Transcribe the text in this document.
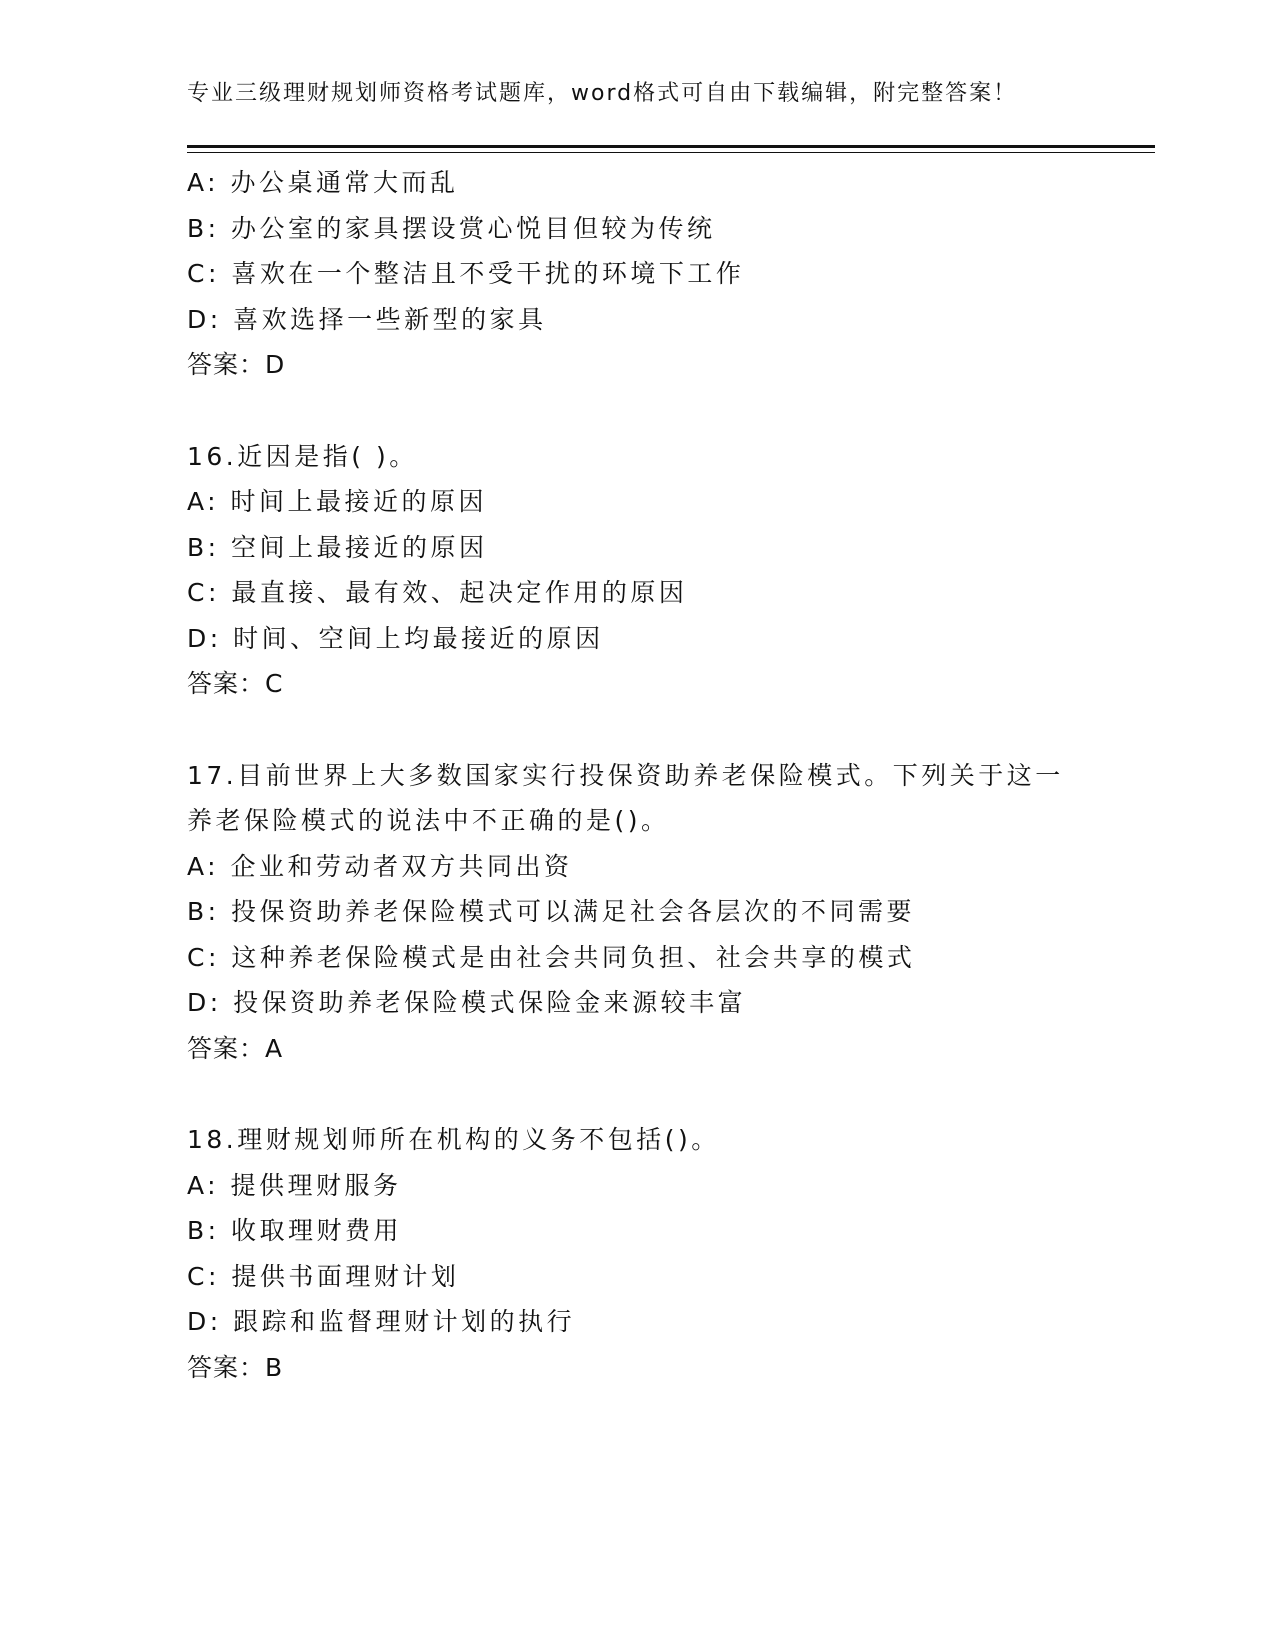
专业三级理财规划师资格考试题库，word格式可自由下载编辑，附完整答案！
A: 办公桌通常大而乱
B: 办公室的家具摆设赏心悦目但较为传统
C: 喜欢在一个整洁且不受干扰的环境下工作
D: 喜欢选择一些新型的家具
答案：D
16.近因是指( )。
A: 时间上最接近的原因
B: 空间上最接近的原因
C: 最直接、最有效、起决定作用的原因
D: 时间、空间上均最接近的原因
答案：C
17.目前世界上大多数国家实行投保资助养老保险模式。下列关于这一养老保险模式的说法中不正确的是()。
A: 企业和劳动者双方共同出资
B: 投保资助养老保险模式可以满足社会各层次的不同需要
C: 这种养老保险模式是由社会共同负担、社会共享的模式
D: 投保资助养老保险模式保险金来源较丰富
答案：A
18.理财规划师所在机构的义务不包括()。
A: 提供理财服务
B: 收取理财费用
C: 提供书面理财计划
D: 跟踪和监督理财计划的执行
答案：B
